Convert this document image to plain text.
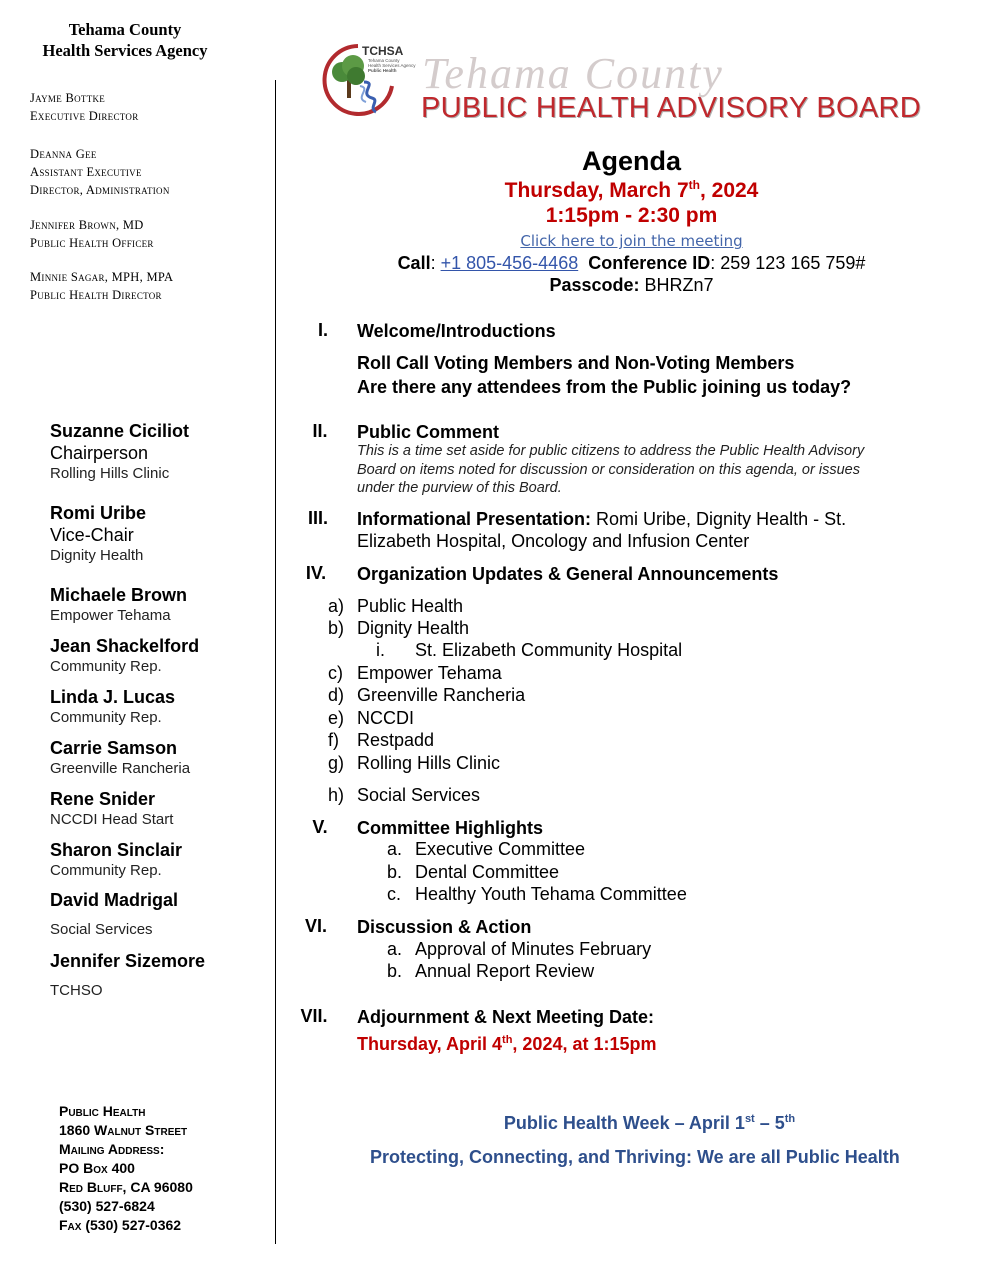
Tehama County
Health Services Agency
Jayme Bottke
Executive Director
Deanna Gee
Assistant Executive
Director, Administration
Jennifer Brown, MD
Public Health Officer
Minnie Sagar, MPH, MPA
Public Health Director
Suzanne Ciciliot
Chairperson
Rolling Hills Clinic
Romi Uribe
Vice-Chair
Dignity Health
Michaele Brown
Empower Tehama
Jean Shackelford
Community Rep.
Linda J. Lucas
Community Rep.
Carrie Samson
Greenville Rancheria
Rene Snider
NCCDI Head Start
Sharon Sinclair
Community Rep.
David Madrigal
Social Services
Jennifer Sizemore
TCHSO
Public Health
1860 Walnut Street
Mailing Address:
PO Box 400
Red Bluff, CA 96080
(530) 527-6824
Fax (530) 527-0362
TCHSA
Tehama County
Health Services Agency
Public Health Tehama County
PUBLIC HEALTH ADVISORY BOARD
Agenda
Thursday, March 7th, 2024
1:15pm - 2:30 pm
Click here to join the meeting
Call: +1 805-456-4468 Conference ID: 259 123 165 759#
Passcode: BHRZn7
I.	Welcome/Introductions
Roll Call Voting Members and Non-Voting Members
Are there any attendees from the Public joining us today?
II.	Public Comment
This is a time set aside for public citizens to address the Public Health Advisory
Board on items noted for discussion or consideration on this agenda, or issues
under the purview of this Board.
III.	Informational Presentation: Romi Uribe, Dignity Health - St.
Elizabeth Hospital, Oncology and Infusion Center
IV.	Organization Updates & General Announcements
a) Public Health
b) Dignity Health
i. St. Elizabeth Community Hospital
c) Empower Tehama
d) Greenville Rancheria
e) NCCDI
f) Restpadd
g) Rolling Hills Clinic
h) Social Services
V.	Committee Highlights
a. Executive Committee
b. Dental Committee
c. Healthy Youth Tehama Committee
VI.	Discussion & Action
a. Approval of Minutes February
b. Annual Report Review
VII.	Adjournment & Next Meeting Date:
Thursday, April 4th, 2024, at 1:15pm
Public Health Week – April 1st – 5th
Protecting, Connecting, and Thriving: We are all Public Health
